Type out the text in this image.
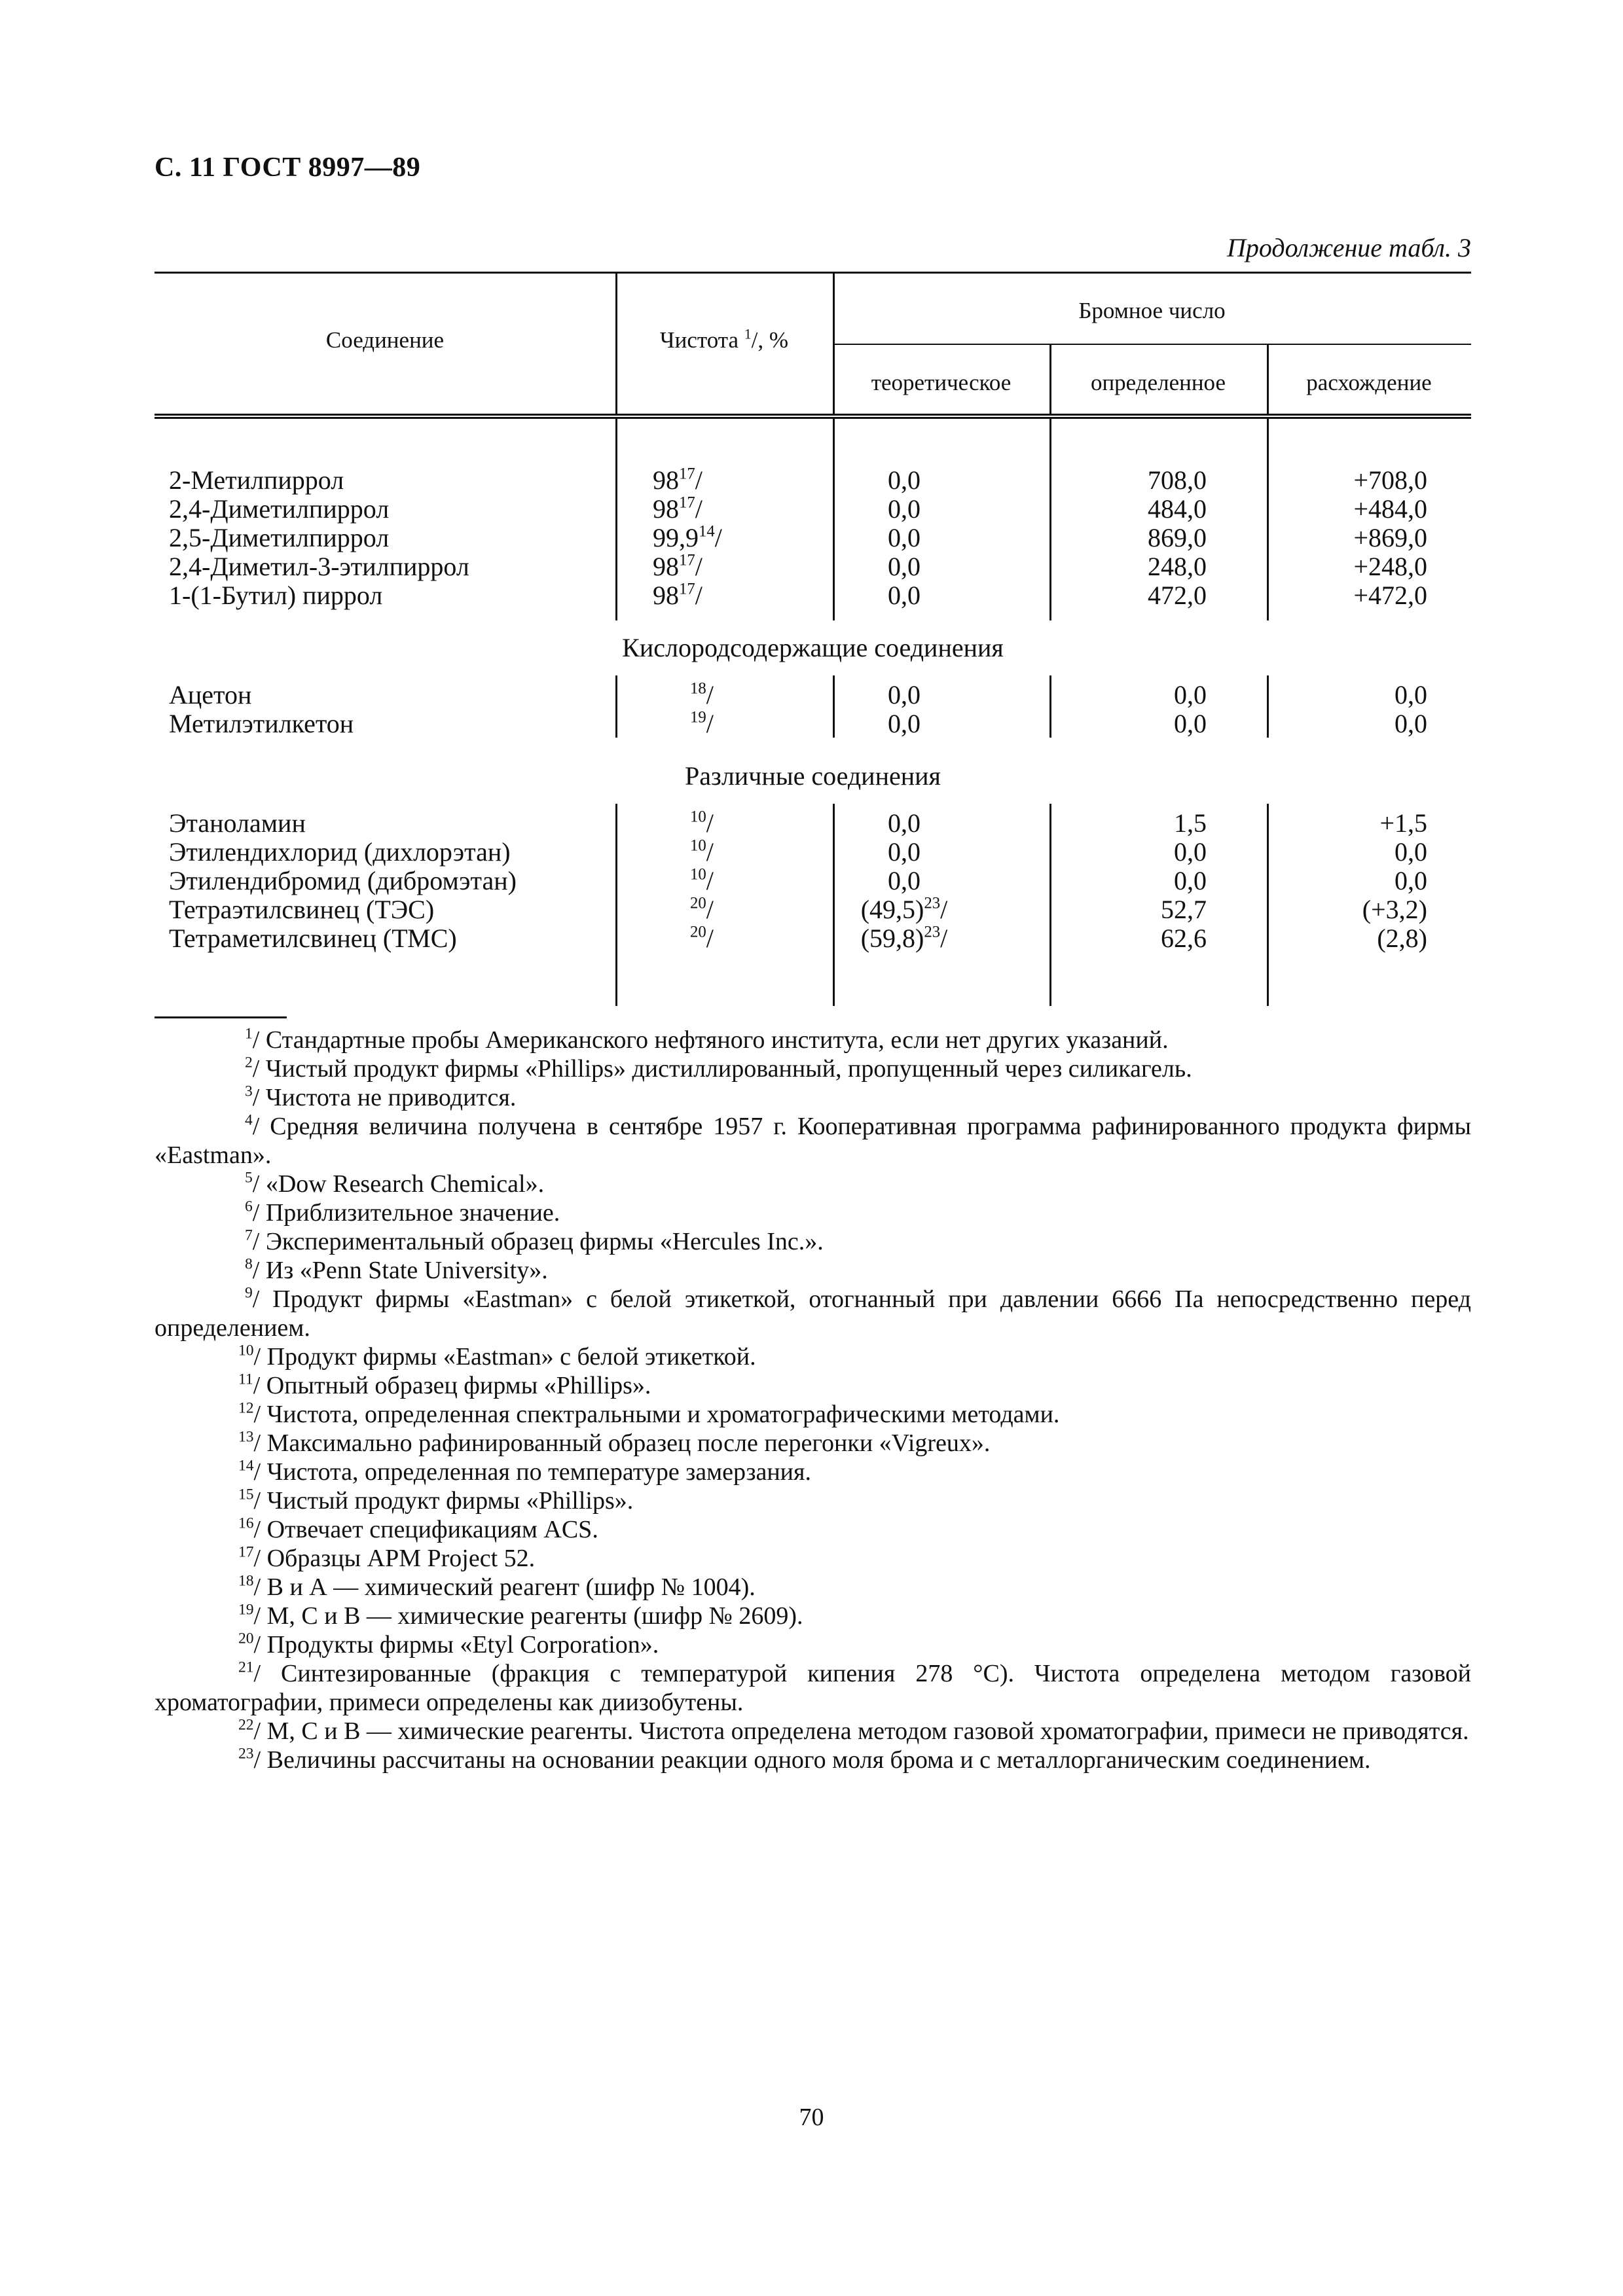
С. 11 ГОСТ 8997—89
Продолжение табл. 3
Соединение	Чистота $^1$/, %
Бромное число
теоретическое	определенное	расхождение
2-Метилпиррол	$98^{17}/$	0,0	708,0	+708,0
2,4-Диметилпиррол	$98^{17}/$	0,0	484,0	+484,0
2,5-Диметилпиррол	99,9$^{14}$/	0,0	869,0	+869,0
2,4-Диметил-3-этилпиррол	$98^{17}/$	0,0	248,0	+248,0
1-(1-Бутил) пиррол	$98^{17}/$	0,0	472,0	+472,0
Кислородсодержащие соединения
Ацетон	$^{18}$/	0,0	0,0	0,0
Метилэтилкетон	$^{19}$/	0,0	0,0	0,0
Различные соединения
Этаноламин	$^{10}$/	0,0	1,5	+1,5
Этилендихлорид (дихлорэтан)	$^{10}$/	0,0	0,0	0,0
Этилендибромид (дибромэтан)	$^{10}$/	0,0	0,0	0,0
Тетраэтилсвинец (ТЭС)	$^{20}$/	$(49,5)^{23}/$	52,7	(+3,2)
Тетраметилсвинец (ТМС)	$^{20}$/	$(59,8)^{23}/$	62,6	(2,8)

$^1$/ Стандартные пробы Американского нефтяного института, если нет других указаний.

$^2$/ Чистый продукт фирмы «Phillips» дистиллированный, пропущенный через силикагель.

$^3$/ Чистота не приводится.

$^4$/ Средняя величина получена в сентябре 1957 г. Кооперативная программа рафинированного продукта фирмы «Eastman».

$^5$/ «Dow Research Chemical».

$^6$/ Приблизительное значение.

$^7$/ Экспериментальный образец фирмы «Hercules Inc.».

$^8$/ Из «Penn State University».

$^9$/ Продукт фирмы «Eastman» с белой этикеткой, отогнанный при давлении 6666 Па непосредственно перед определением.

$^{10}$/ Продукт фирмы «Eastman» с белой этикеткой.

$^{11}$/ Опытный образец фирмы «Phillips».

$^{12}$/ Чистота, определенная спектральными и хроматографическими методами.

$^{13}$/ Максимально рафинированный образец после перегонки «Vigreux».

$^{14}$/ Чистота, определенная по температуре замерзания.

$^{15}$/ Чистый продукт фирмы «Phillips».

$^{16}$/ Отвечает спецификациям ACS.

$^{17}$/ Образцы APM Project 52.

$^{18}$/ В и А — химический реагент (шифр № 1004).

$^{19}$/ М, С и В — химические реагенты (шифр № 2609).

$^{20}$/ Продукты фирмы «Etyl Corporation».

$^{21}$/ Синтезированные (фракция с температурой кипения 278 °С). Чистота определена методом газовой хроматографии, примеси определены как диизобутены.

$^{22}$/ М, С и В — химические реагенты. Чистота определена методом газовой хроматографии, примеси не приводятся.

$^{23}$/ Величины рассчитаны на основании реакции одного моля брома и с металлорганическим соединением.

70
